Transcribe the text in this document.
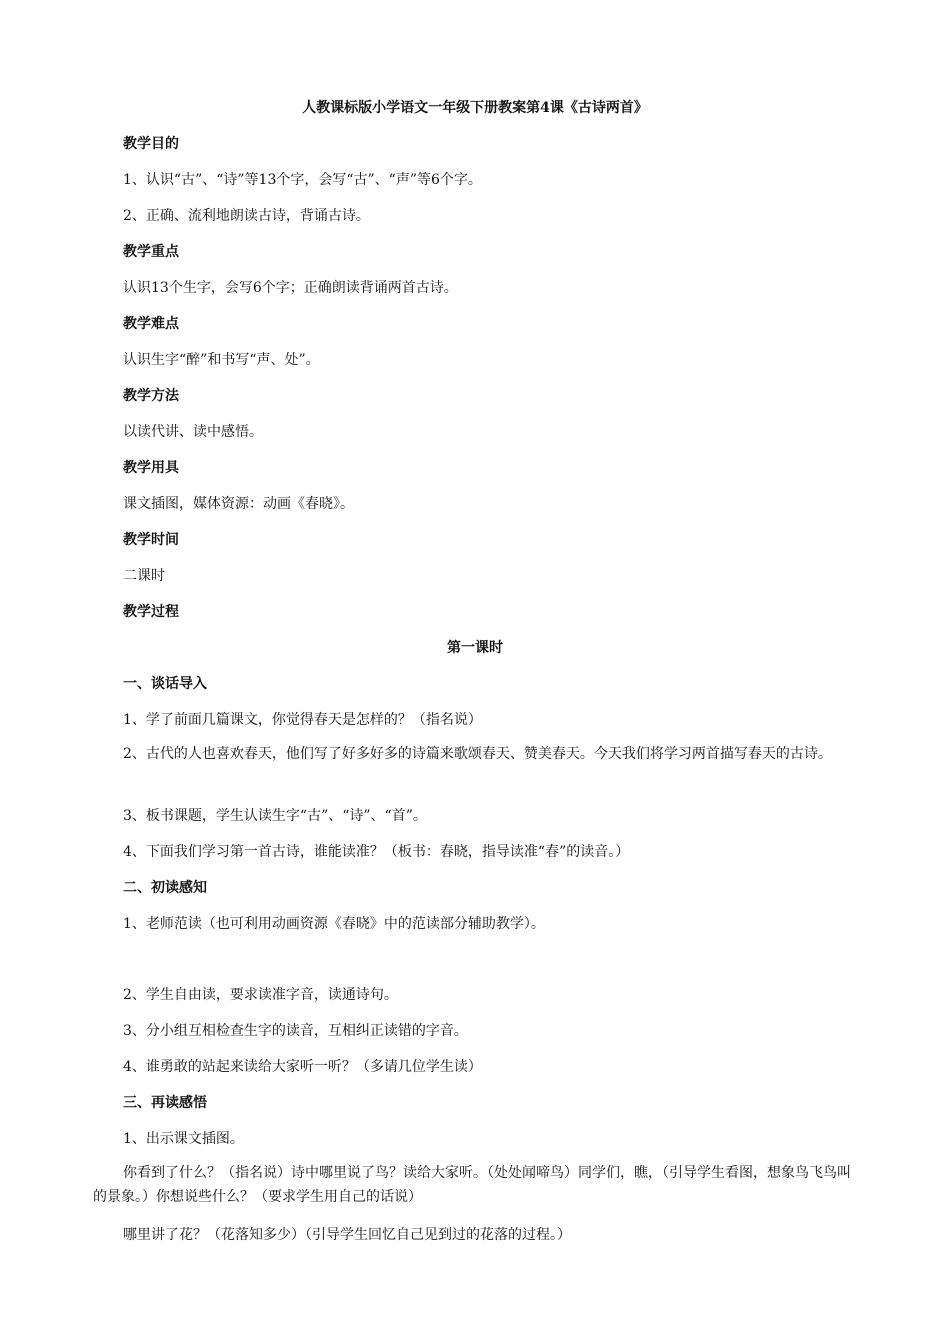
人教课标版小学语文一年级下册教案第4课《古诗两首》
教学目的
1、认识“古”、“诗”等13个字，会写“古”、“声”等6个字。
2、正确、流利地朗读古诗，背诵古诗。
教学重点
认识13个生字，会写6个字；正确朗读背诵两首古诗。
教学难点
认识生字“醉”和书写“声、处”。
教学方法
以读代讲、读中感悟。
教学用具
课文插图，媒体资源：动画《春晓》。
教学时间
二课时
教学过程
第一课时
一、谈话导入
1、学了前面几篇课文，你觉得春天是怎样的？（指名说）
2、古代的人也喜欢春天，他们写了好多好多的诗篇来歌颂春天、赞美春天。今天我们将学习两首描写春天的古诗。
3、板书课题，学生认读生字“古”、“诗”、“首”。
4、下面我们学习第一首古诗，谁能读准？（板书：春晓，指导读准“春”的读音。）
二、初读感知
1、老师范读（也可利用动画资源《春晓》中的范读部分辅助教学）。
2、学生自由读，要求读准字音，读通诗句。
3、分小组互相检查生字的读音，互相纠正读错的字音。
4、谁勇敢的站起来读给大家听一听？（多请几位学生读）
三、再读感悟
1、出示课文插图。
你看到了什么？（指名说）诗中哪里说了鸟？读给大家听。（处处闻啼鸟）同学们，瞧，（引导学生看图，想象鸟飞鸟叫的景象。）你想说些什么？（要求学生用自己的话说）
哪里讲了花？（花落知多少）（引导学生回忆自己见到过的花落的过程。）
